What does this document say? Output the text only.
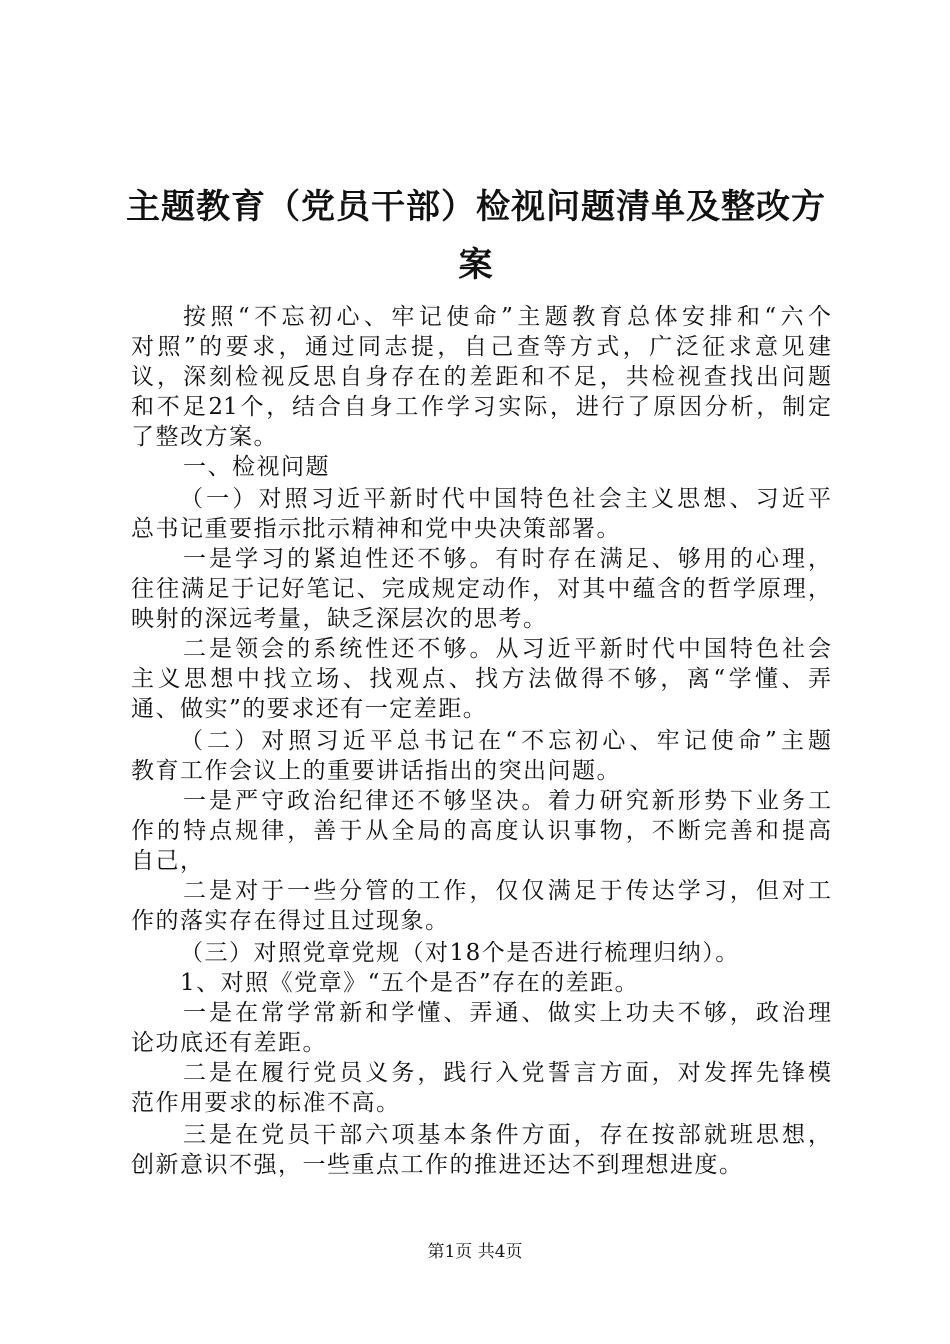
主题教育（党员干部）检视问题清单及整改方
案
按照“不忘初心、牢记使命”主题教育总体安排和“六个
对照”的要求，通过同志提，自己查等方式，广泛征求意见建
议，深刻检视反思自身存在的差距和不足，共检视查找出问题
和不足21个，结合自身工作学习实际，进行了原因分析，制定
了整改方案。
一、检视问题
（一）对照习近平新时代中国特色社会主义思想、习近平
总书记重要指示批示精神和党中央决策部署。
一是学习的紧迫性还不够。有时存在满足、够用的心理，
往往满足于记好笔记、完成规定动作，对其中蕴含的哲学原理，
映射的深远考量，缺乏深层次的思考。
二是领会的系统性还不够。从习近平新时代中国特色社会
主义思想中找立场、找观点、找方法做得不够，离“学懂、弄
通、做实”的要求还有一定差距。
（二）对照习近平总书记在“不忘初心、牢记使命”主题
教育工作会议上的重要讲话指出的突出问题。
一是严守政治纪律还不够坚决。着力研究新形势下业务工
作的特点规律，善于从全局的高度认识事物，不断完善和提高
自己，
二是对于一些分管的工作，仅仅满足于传达学习，但对工
作的落实存在得过且过现象。
（三）对照党章党规（对18个是否进行梳理归纳）。
1、对照《党章》“五个是否”存在的差距。
一是在常学常新和学懂、弄通、做实上功夫不够，政治理
论功底还有差距。
二是在履行党员义务，践行入党誓言方面，对发挥先锋模
范作用要求的标准不高。
三是在党员干部六项基本条件方面，存在按部就班思想，
创新意识不强，一些重点工作的推进还达不到理想进度。
第1页 共4页
